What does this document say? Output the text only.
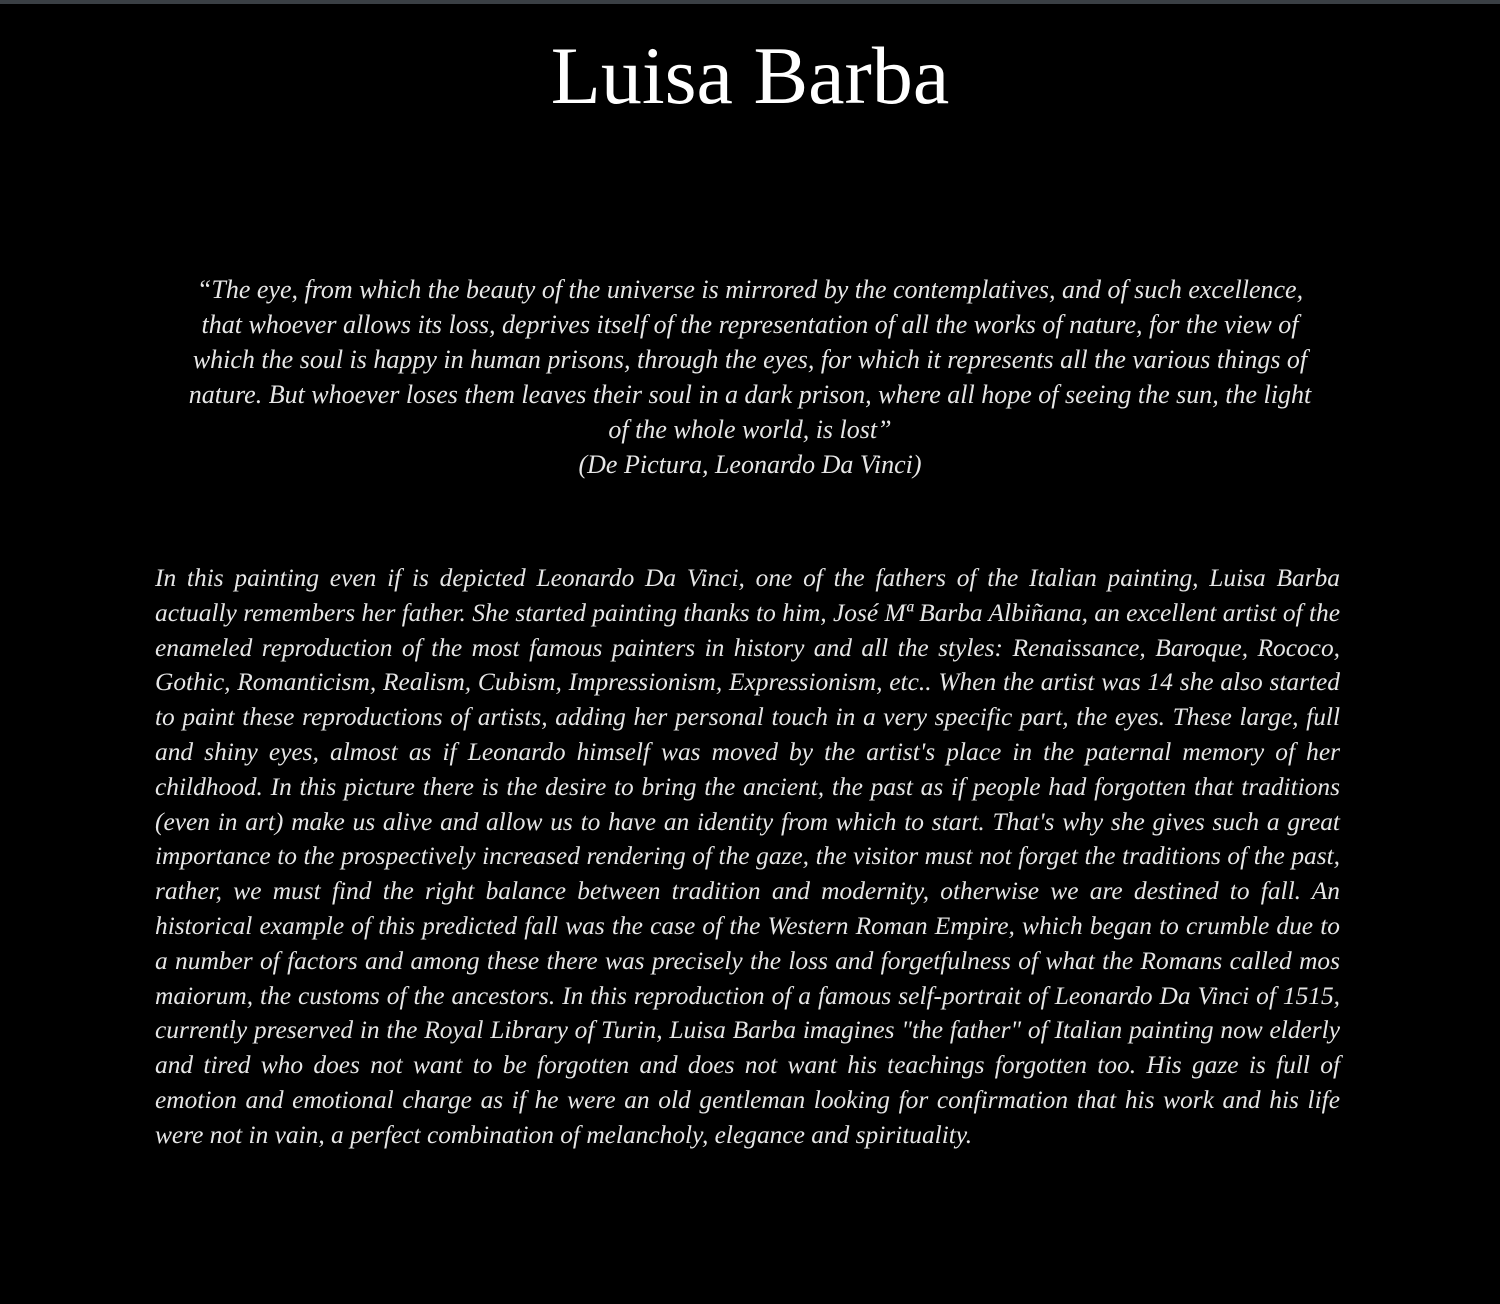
Luisa Barba

“The eye, from which the beauty of the universe is mirrored by the contemplatives, and of such excellence, that whoever allows its loss, deprives itself of the representation of all the works of nature, for the view of which the soul is happy in human prisons, through the eyes, for which it represents all the various things of nature. But whoever loses them leaves their soul in a dark prison, where all hope of seeing the sun, the light of the whole world, is lost”
(De Pictura, Leonardo Da Vinci)

In this painting even if is depicted Leonardo Da Vinci, one of the fathers of the Italian painting, Luisa Barba actually remembers her father. She started painting thanks to him, José Mª Barba Albiñana, an excellent artist of the enameled reproduction of the most famous painters in history and all the styles: Renaissance, Baroque, Rococo, Gothic, Romanticism, Realism, Cubism, Impressionism, Expressionism, etc.. When the artist was 14 she also started to paint these reproductions of artists, adding her personal touch in a very specific part, the eyes. These large, full and shiny eyes, almost as if Leonardo himself was moved by the artist's place in the paternal memory of her childhood. In this picture there is the desire to bring the ancient, the past as if people had forgotten that traditions (even in art) make us alive and allow us to have an identity from which to start. That's why she gives such a great importance to the prospectively increased rendering of the gaze, the visitor must not forget the traditions of the past, rather, we must find the right balance between tradition and modernity, otherwise we are destined to fall. An historical example of this predicted fall was the case of the Western Roman Empire, which began to crumble due to a number of factors and among these there was precisely the loss and forgetfulness of what the Romans called mos maiorum, the customs of the ancestors. In this reproduction of a famous self-portrait of Leonardo Da Vinci of 1515, currently preserved in the Royal Library of Turin, Luisa Barba imagines "the father" of Italian painting now elderly and tired who does not want to be forgotten and does not want his teachings forgotten too. His gaze is full of emotion and emotional charge as if he were an old gentleman looking for confirmation that his work and his life were not in vain, a perfect combination of melancholy, elegance and spirituality.
